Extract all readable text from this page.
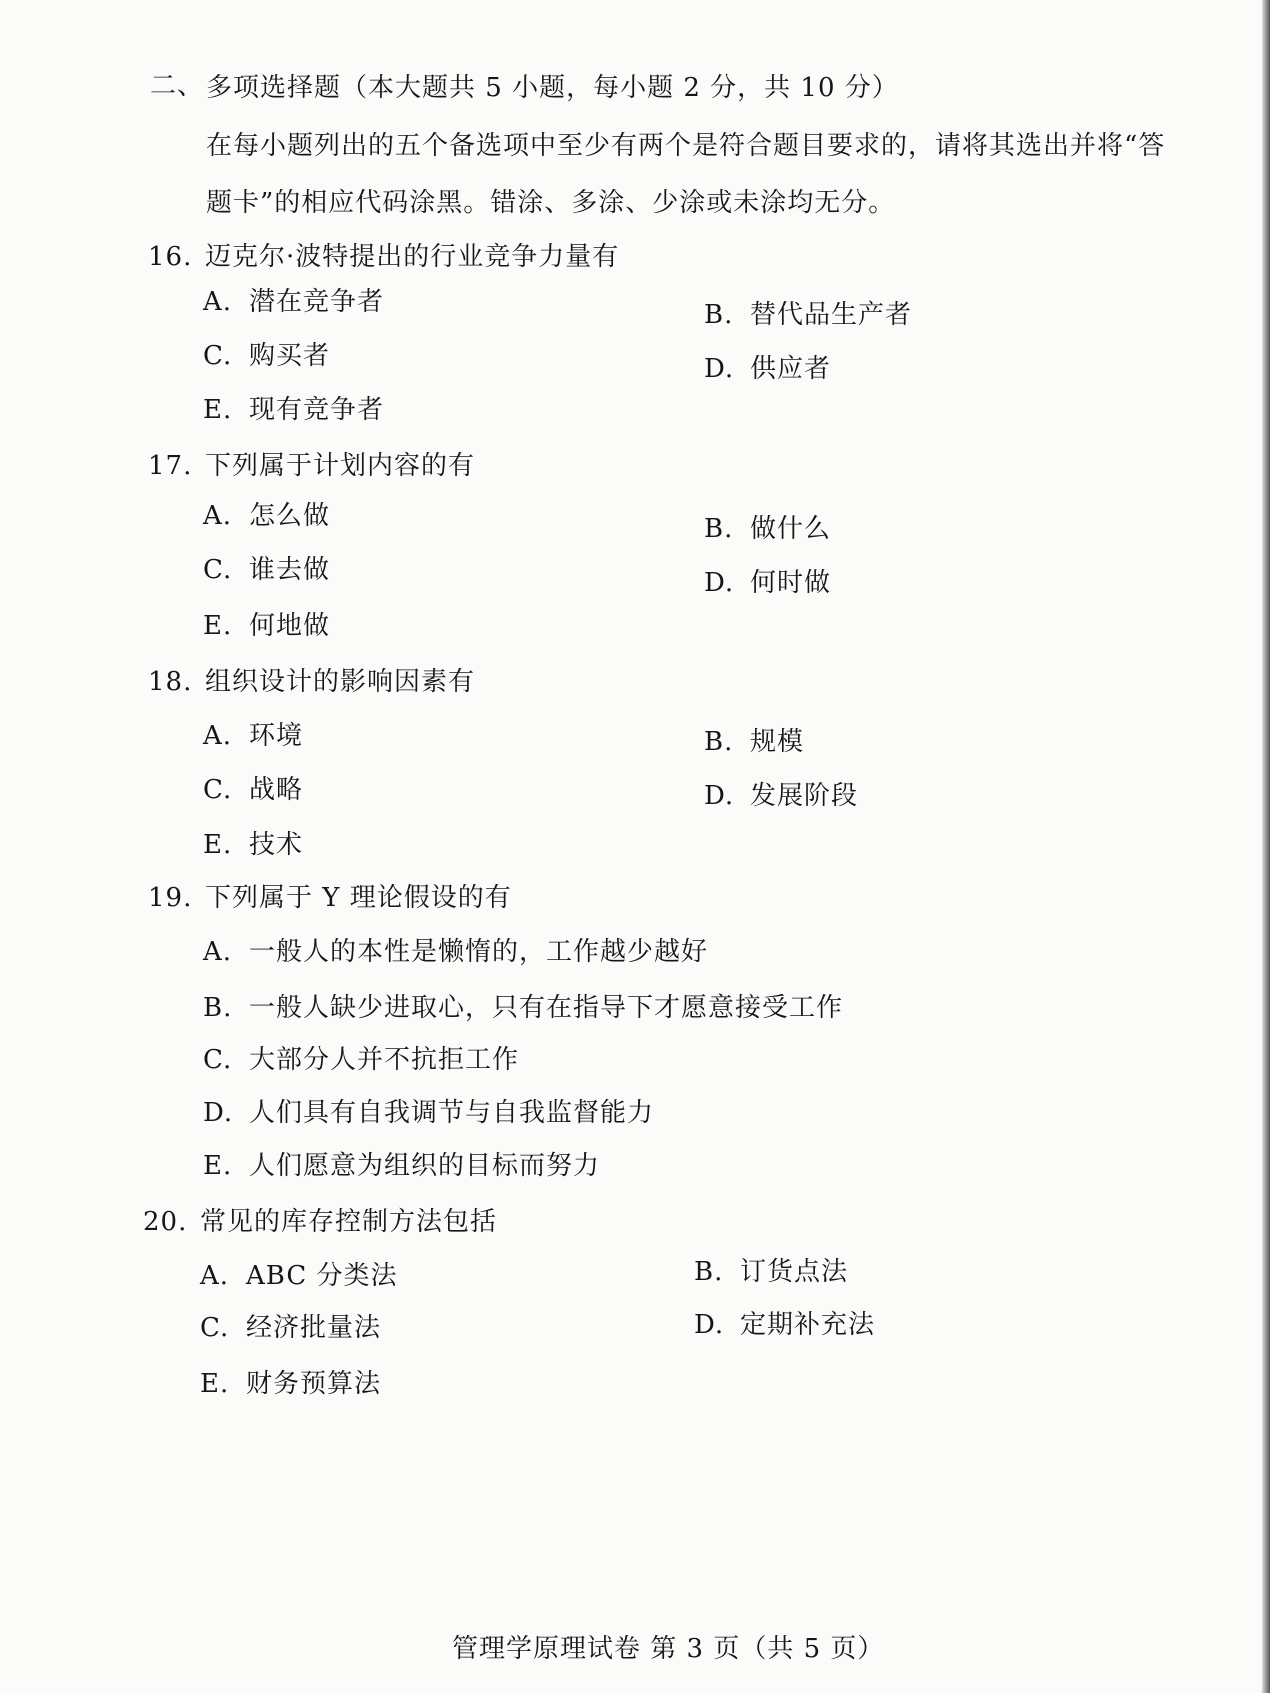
二、 多项选择题（本大题共 5 小题，每小题 2 分，共 10 分）
在每小题列出的五个备选项中至少有两个是符合题目要求的，请将其选出并将“答
题卡”的相应代码涂黑。错涂、多涂、少涂或未涂均无分。
16. 迈克尔·波特提出的行业竞争力量有
A. 潜在竞争者	B. 替代品生产者
C. 购买者	D. 供应者
E. 现有竞争者
17. 下列属于计划内容的有
A. 怎么做	B. 做什么
C. 谁去做	D. 何时做
E. 何地做
18. 组织设计的影响因素有
A. 环境	B. 规模
C. 战略	D. 发展阶段
E. 技术
19. 下列属于 Y 理论假设的有
A. 一般人的本性是懒惰的，工作越少越好
B. 一般人缺少进取心，只有在指导下才愿意接受工作
C. 大部分人并不抗拒工作
D. 人们具有自我调节与自我监督能力
E. 人们愿意为组织的目标而努力
20. 常见的库存控制方法包括
A. ABC 分类法	B. 订货点法
C. 经济批量法	D. 定期补充法
E. 财务预算法
管理学原理试卷 第 3 页（共 5 页）
